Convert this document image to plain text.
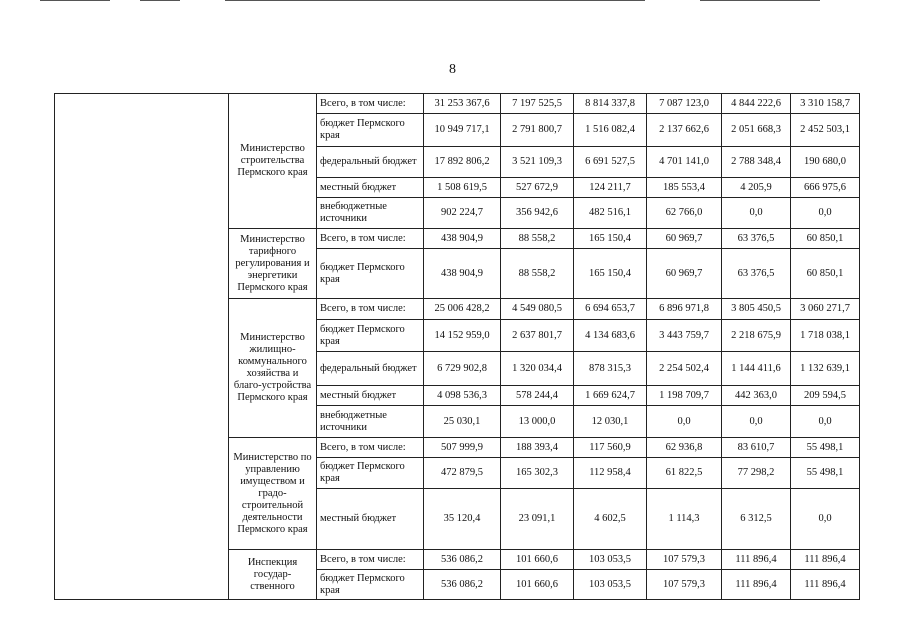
8
	Министерство строительства Пермского края	Всего, в том числе:	31 253 367,6	7 197 525,5	8 814 337,8	7 087 123,0	4 844 222,6	3 310 158,7
		бюджет Пермского края	10 949 717,1	2 791 800,7	1 516 082,4	2 137 662,6	2 051 668,3	2 452 503,1
		федеральный бюджет	17 892 806,2	3 521 109,3	6 691 527,5	4 701 141,0	2 788 348,4	190 680,0
		местный бюджет	1 508 619,5	527 672,9	124 211,7	185 553,4	4 205,9	666 975,6
		внебюджетные источники	902 224,7	356 942,6	482 516,1	62 766,0	0,0	0,0
	Министерство тарифного регулирования и энергетики Пермского края	Всего, в том числе:	438 904,9	88 558,2	165 150,4	60 969,7	63 376,5	60 850,1
		бюджет Пермского края	438 904,9	88 558,2	165 150,4	60 969,7	63 376,5	60 850,1
	Министерство жилищно-коммунального хозяйства и благо-устройства Пермского края	Всего, в том числе:	25 006 428,2	4 549 080,5	6 694 653,7	6 896 971,8	3 805 450,5	3 060 271,7
		бюджет Пермского края	14 152 959,0	2 637 801,7	4 134 683,6	3 443 759,7	2 218 675,9	1 718 038,1
		федеральный бюджет	6 729 902,8	1 320 034,4	878 315,3	2 254 502,4	1 144 411,6	1 132 639,1
		местный бюджет	4 098 536,3	578 244,4	1 669 624,7	1 198 709,7	442 363,0	209 594,5
		внебюджетные источники	25 030,1	13 000,0	12 030,1	0,0	0,0	0,0
	Министерство по управлению имуществом и градо-строительной деятельности Пермского края	Всего, в том числе:	507 999,9	188 393,4	117 560,9	62 936,8	83 610,7	55 498,1
		бюджет Пермского края	472 879,5	165 302,3	112 958,4	61 822,5	77 298,2	55 498,1
		местный бюджет	35 120,4	23 091,1	4 602,5	1 114,3	6 312,5	0,0
	Инспекция государ-ственного	Всего, в том числе:	536 086,2	101 660,6	103 053,5	107 579,3	111 896,4	111 896,4
		бюджет Пермского края	536 086,2	101 660,6	103 053,5	107 579,3	111 896,4	111 896,4
